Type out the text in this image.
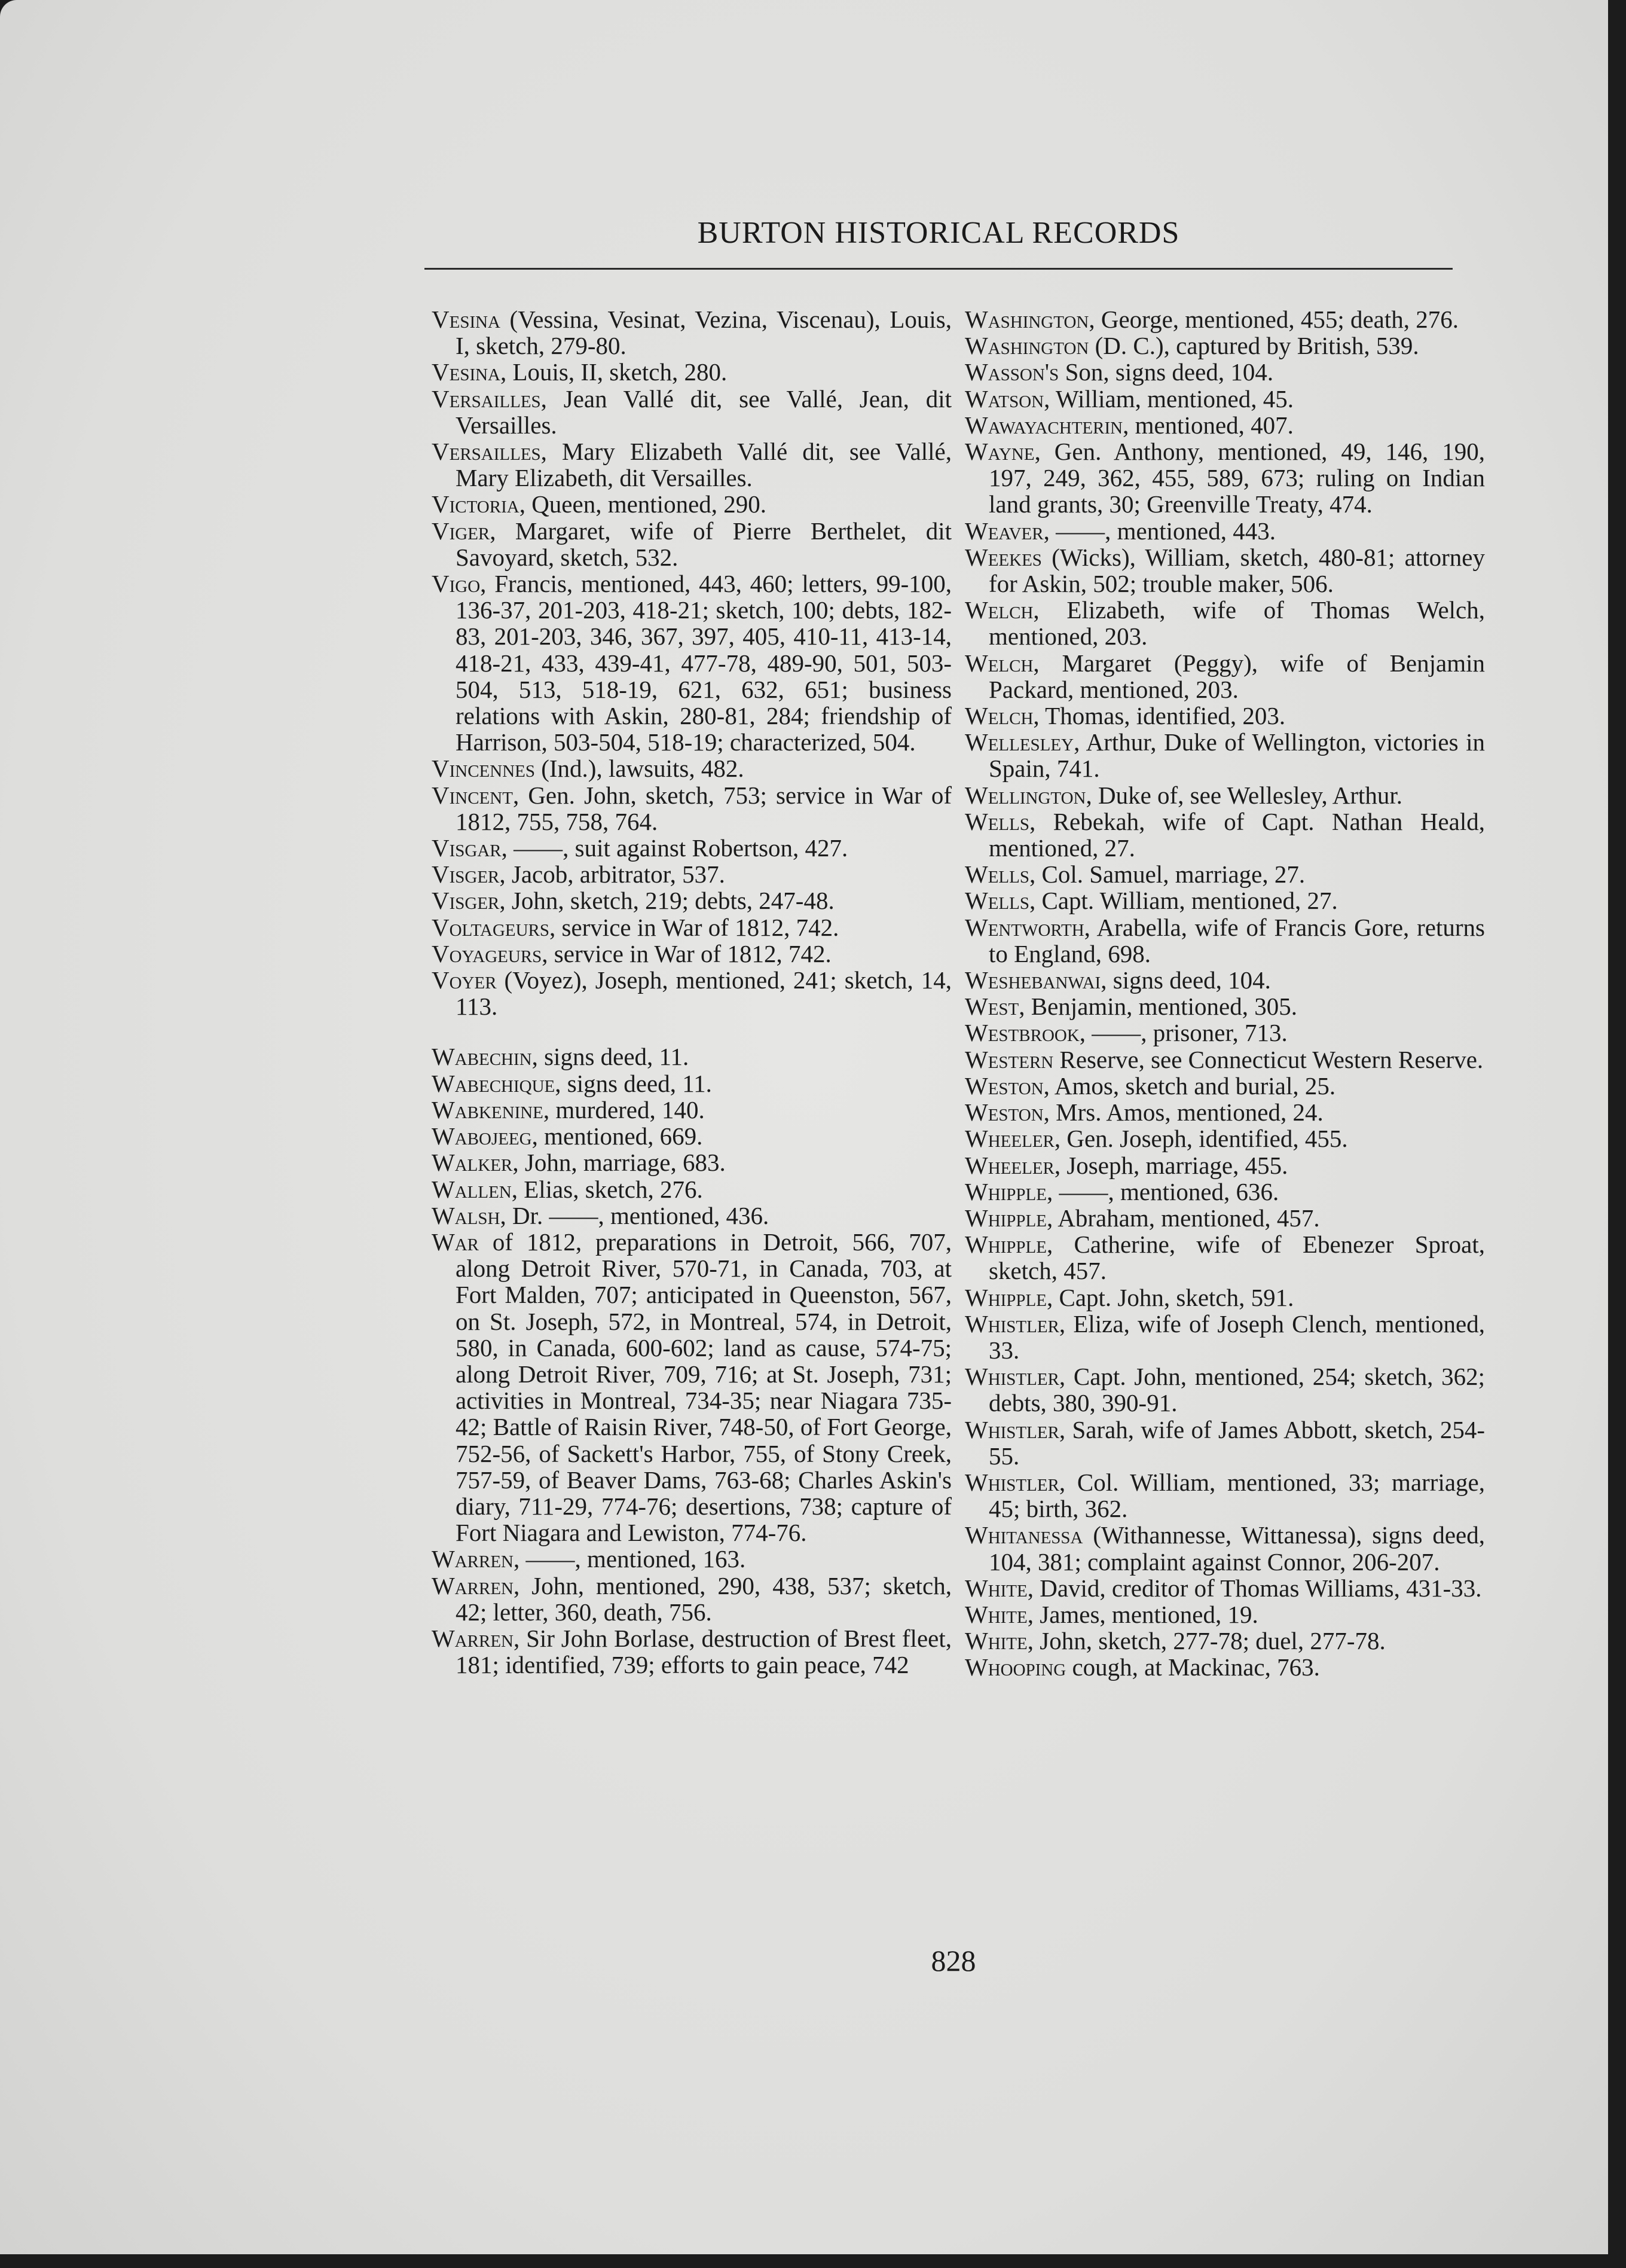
BURTON HISTORICAL RECORDS

Vesina (Vessina, Vesinat, Vezina, Viscenau), Louis, I, sketch, 279-80.

Vesina, Louis, II, sketch, 280.

Versailles, Jean Vallé dit, see Vallé, Jean, dit Versailles.

Versailles, Mary Elizabeth Vallé dit, see Vallé, Mary Elizabeth, dit Versailles.

Victoria, Queen, mentioned, 290.

Viger, Margaret, wife of Pierre Berthelet, dit Savoyard, sketch, 532.

Vigo, Francis, mentioned, 443, 460; letters, 99-100, 136-37, 201-203, 418-21; sketch, 100; debts, 182-83, 201-203, 346, 367, 397, 405, 410-11, 413-14, 418-21, 433, 439-41, 477-78, 489-90, 501, 503-504, 513, 518-19, 621, 632, 651; business relations with Askin, 280-81, 284; friendship of Harrison, 503-504, 518-19; characterized, 504.

Vincennes (Ind.), lawsuits, 482.

Vincent, Gen. John, sketch, 753; service in War of 1812, 755, 758, 764.

Visgar, ——, suit against Robertson, 427.

Visger, Jacob, arbitrator, 537.

Visger, John, sketch, 219; debts, 247-48.

Voltageurs, service in War of 1812, 742.

Voyageurs, service in War of 1812, 742.

Voyer (Voyez), Joseph, mentioned, 241; sketch, 14, 113.

Wabechin, signs deed, 11.

Wabechique, signs deed, 11.

Wabkenine, murdered, 140.

Wabojeeg, mentioned, 669.

Walker, John, marriage, 683.

Wallen, Elias, sketch, 276.

Walsh, Dr. ——, mentioned, 436.

War of 1812, preparations in Detroit, 566, 707, along Detroit River, 570-71, in Canada, 703, at Fort Malden, 707; anticipated in Queenston, 567, on St. Joseph, 572, in Montreal, 574, in Detroit, 580, in Canada, 600-602; land as cause, 574-75; along Detroit River, 709, 716; at St. Joseph, 731; activities in Montreal, 734-35; near Niagara 735-42; Battle of Raisin River, 748-50, of Fort George, 752-56, of Sackett's Harbor, 755, of Stony Creek, 757-59, of Beaver Dams, 763-68; Charles Askin's diary, 711-29, 774-76; desertions, 738; capture of Fort Niagara and Lewiston, 774-76.

Warren, ——, mentioned, 163.

Warren, John, mentioned, 290, 438, 537; sketch, 42; letter, 360, death, 756.

Warren, Sir John Borlase, destruction of Brest fleet, 181; identified, 739; efforts to gain peace, 742

Washington, George, mentioned, 455; death, 276.

Washington (D. C.), captured by British, 539.

Wasson's Son, signs deed, 104.

Watson, William, mentioned, 45.

Wawayachterin, mentioned, 407.

Wayne, Gen. Anthony, mentioned, 49, 146, 190, 197, 249, 362, 455, 589, 673; ruling on Indian land grants, 30; Greenville Treaty, 474.

Weaver, ——, mentioned, 443.

Weekes (Wicks), William, sketch, 480-81; attorney for Askin, 502; trouble maker, 506.

Welch, Elizabeth, wife of Thomas Welch, mentioned, 203.

Welch, Margaret (Peggy), wife of Benjamin Packard, mentioned, 203.

Welch, Thomas, identified, 203.

Wellesley, Arthur, Duke of Wellington, victories in Spain, 741.

Wellington, Duke of, see Wellesley, Arthur.

Wells, Rebekah, wife of Capt. Nathan Heald, mentioned, 27.

Wells, Col. Samuel, marriage, 27.

Wells, Capt. William, mentioned, 27.

Wentworth, Arabella, wife of Francis Gore, returns to England, 698.

Weshebanwai, signs deed, 104.

West, Benjamin, mentioned, 305.

Westbrook, ——, prisoner, 713.

Western Reserve, see Connecticut Western Reserve.

Weston, Amos, sketch and burial, 25.

Weston, Mrs. Amos, mentioned, 24.

Wheeler, Gen. Joseph, identified, 455.

Wheeler, Joseph, marriage, 455.

Whipple, ——, mentioned, 636.

Whipple, Abraham, mentioned, 457.

Whipple, Catherine, wife of Ebenezer Sproat, sketch, 457.

Whipple, Capt. John, sketch, 591.

Whistler, Eliza, wife of Joseph Clench, mentioned, 33.

Whistler, Capt. John, mentioned, 254; sketch, 362; debts, 380, 390-91.

Whistler, Sarah, wife of James Abbott, sketch, 254-55.

Whistler, Col. William, mentioned, 33; marriage, 45; birth, 362.

Whitanessa (Withannesse, Wittanessa), signs deed, 104, 381; complaint against Connor, 206-207.

White, David, creditor of Thomas Williams, 431-33.

White, James, mentioned, 19.

White, John, sketch, 277-78; duel, 277-78.

Whooping cough, at Mackinac, 763.

828
